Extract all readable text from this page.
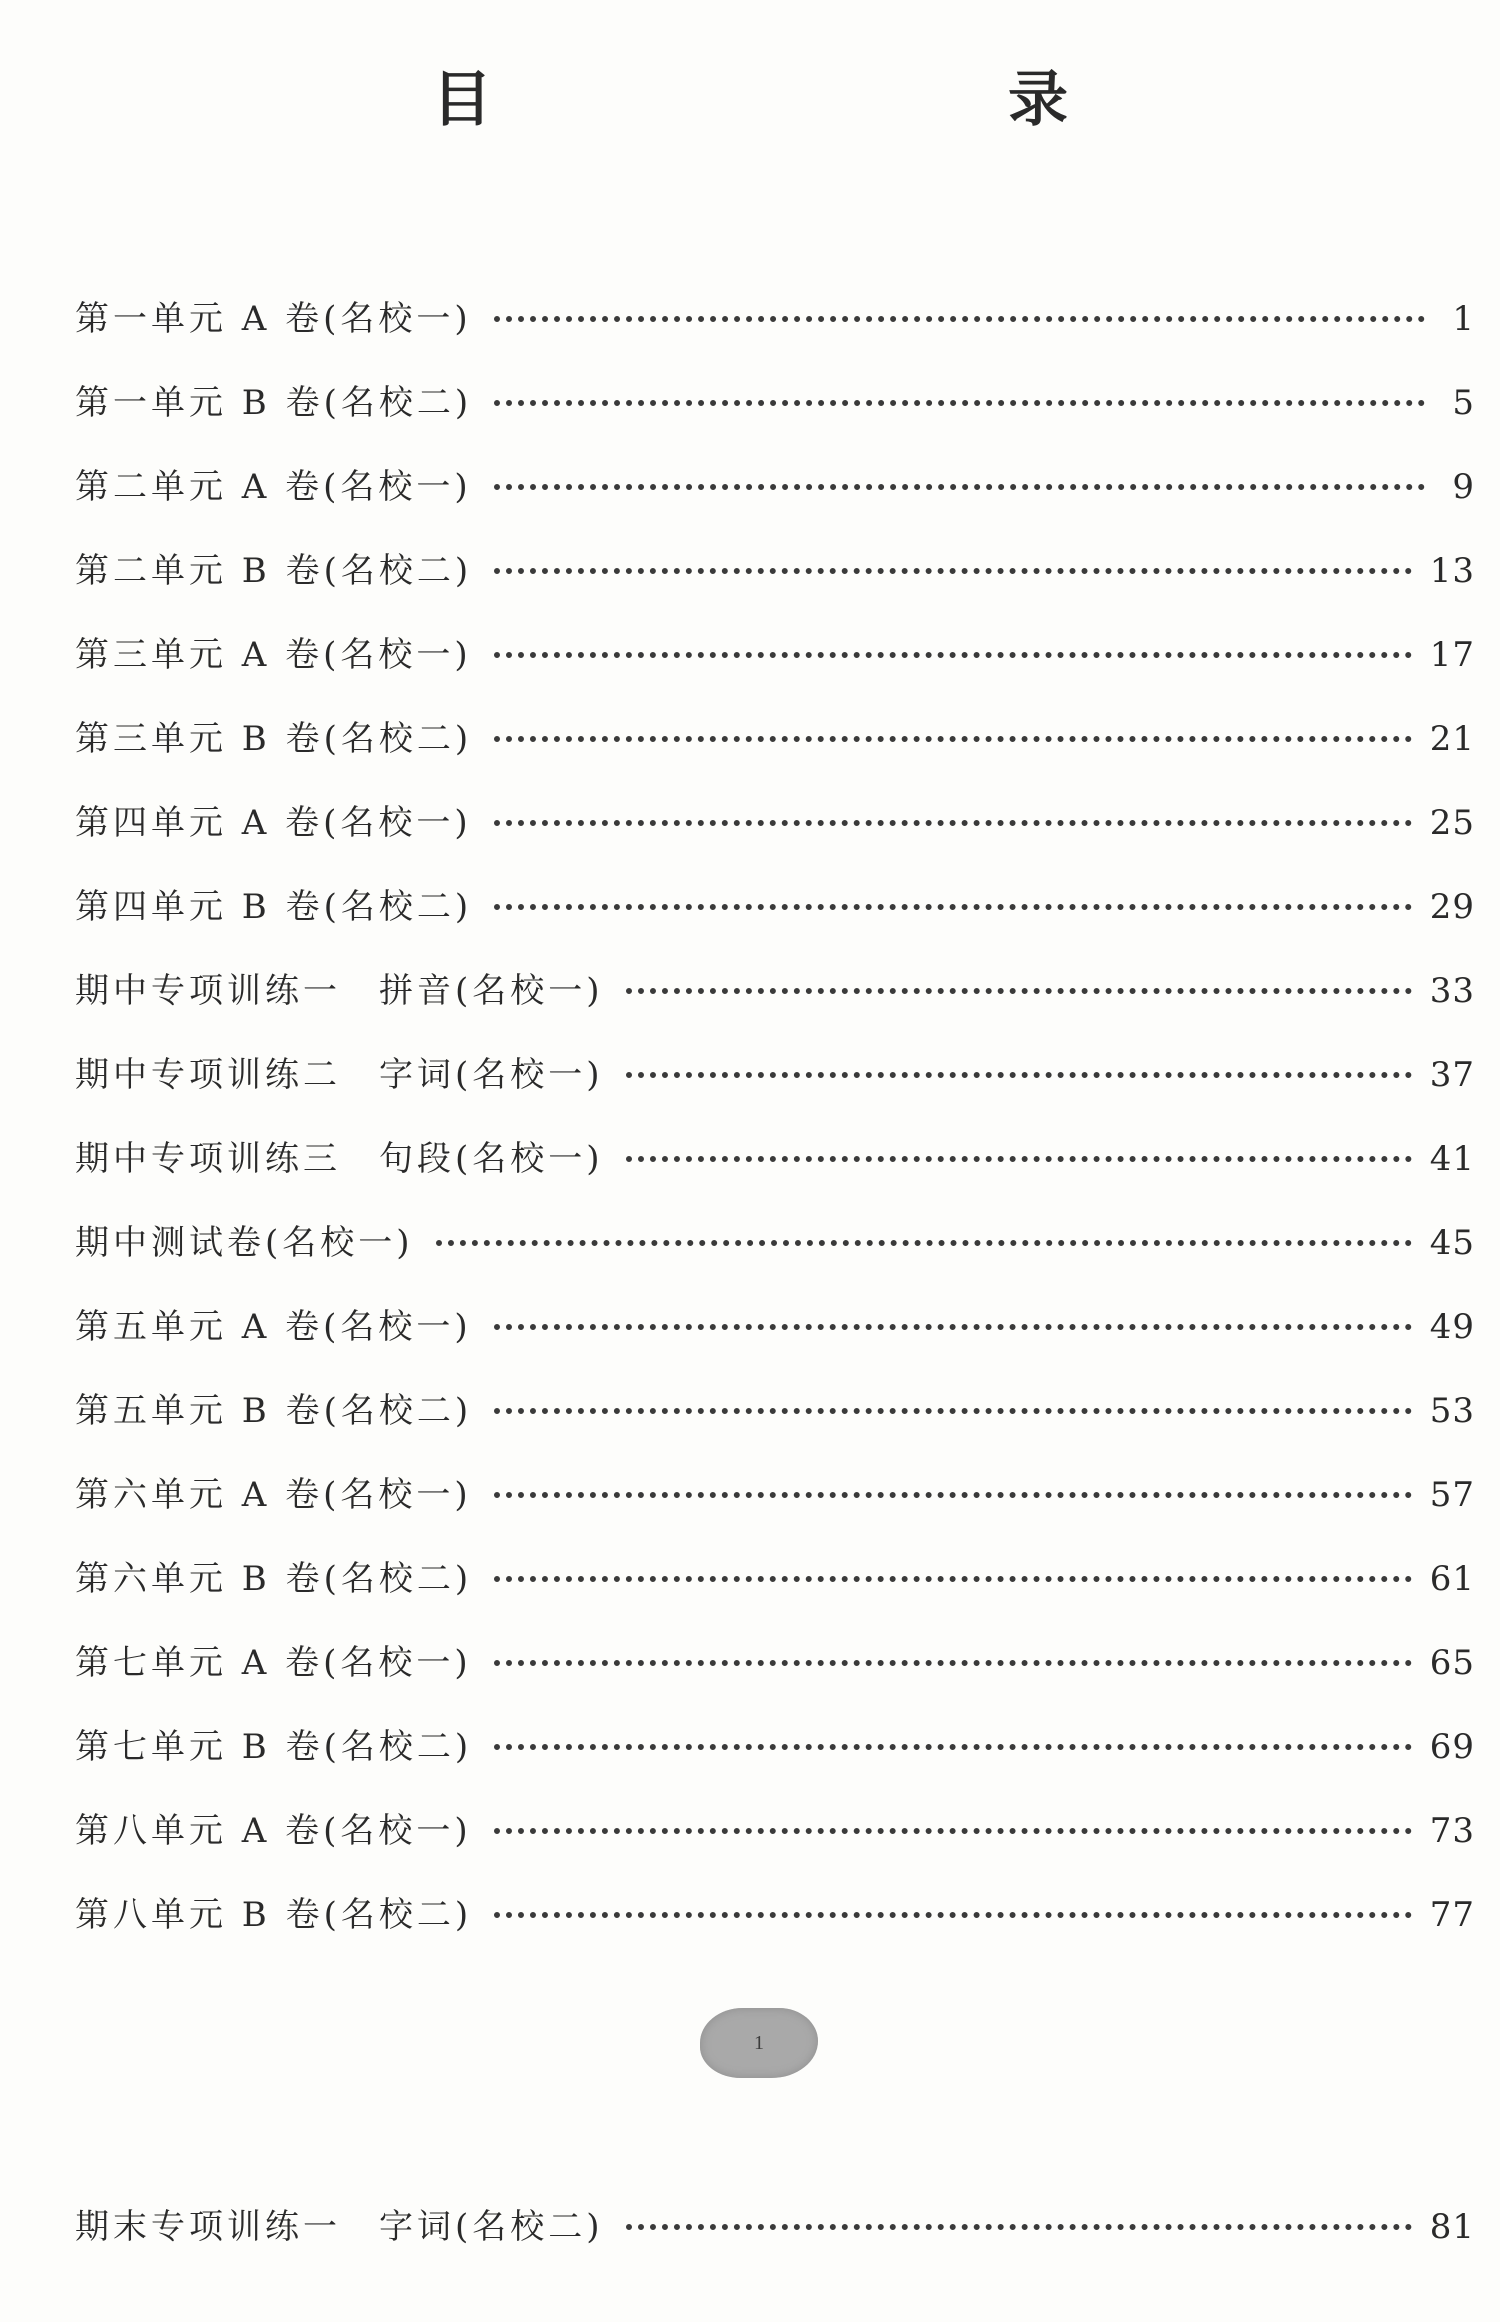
目　　录
第一单元 A 卷(名校一)	1
第一单元 B 卷(名校二)	5
第二单元 A 卷(名校一)	9
第二单元 B 卷(名校二)	13
第三单元 A 卷(名校一)	17
第三单元 B 卷(名校二)	21
第四单元 A 卷(名校一)	25
第四单元 B 卷(名校二)	29
期中专项训练一　拼音(名校一)	33
期中专项训练二　字词(名校一)	37
期中专项训练三　句段(名校一)	41
期中测试卷(名校一)	45
第五单元 A 卷(名校一)	49
第五单元 B 卷(名校二)	53
第六单元 A 卷(名校一)	57
第六单元 B 卷(名校二)	61
第七单元 A 卷(名校一)	65
第七单元 B 卷(名校二)	69
第八单元 A 卷(名校一)	73
第八单元 B 卷(名校二)	77
1
期末专项训练一　字词(名校二)	81
